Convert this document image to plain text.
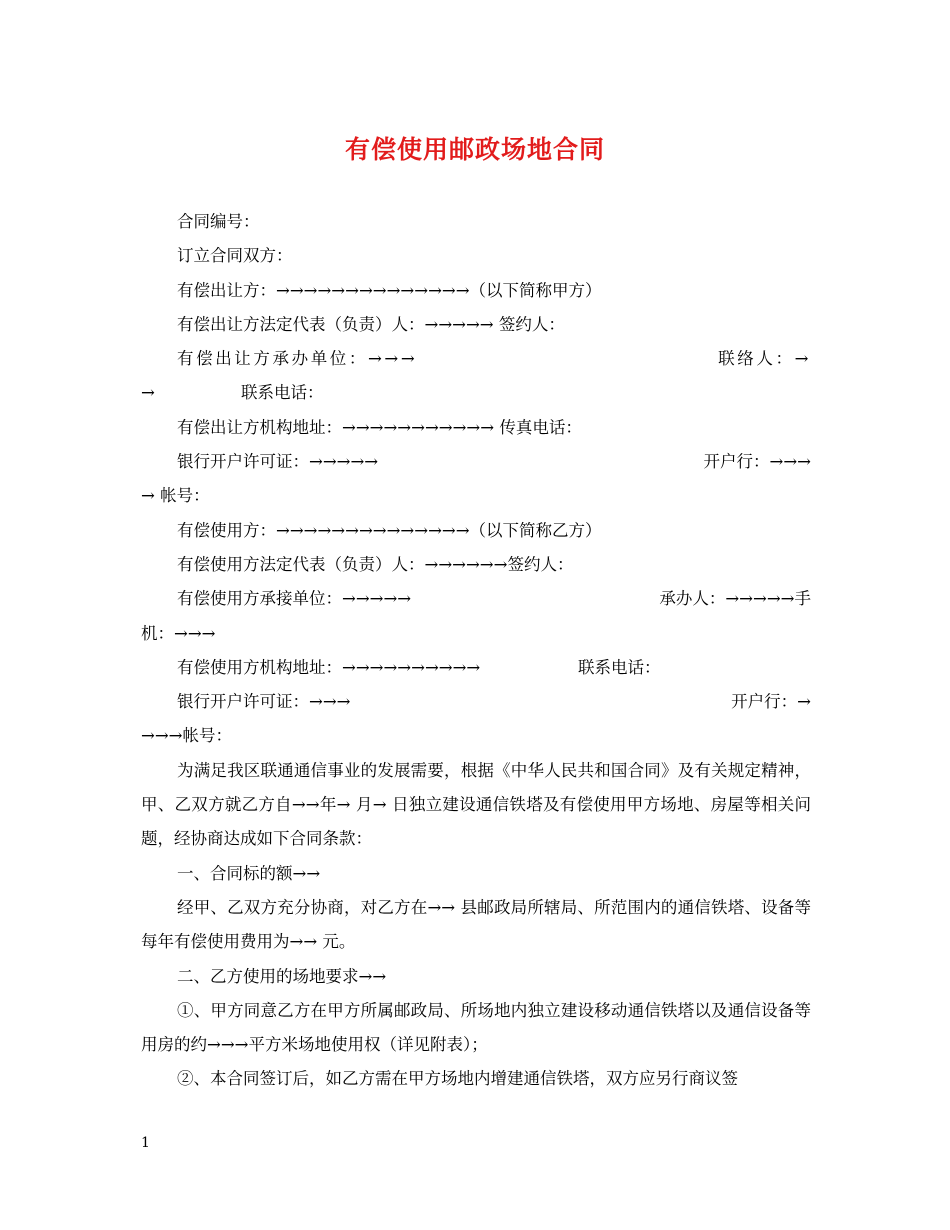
有偿使用邮政场地合同
合同编号：
订立合同双方：
有偿出让方：→→→→→→→→→→→→→→（以下简称甲方）
有偿出让方法定代表（负责）人：→→→→→ 签约人：
有偿出让方承办单位：→→→	联络人：→
→	联系电话：
有偿出让方机构地址：→→→→→→→→→→→ 传真电话：
银行开户许可证：→→→→→	开户行：→→→
→ 帐号：
有偿使用方：→→→→→→→→→→→→→→（以下简称乙方）
有偿使用方法定代表（负责）人：→→→→→→签约人：
有偿使用方承接单位：→→→→→	承办人：→→→→→手
机：→→→
有偿使用方机构地址：→→→→→→→→→→	联系电话：
银行开户许可证：→→→	开户行：→
→→→帐号：
为满足我区联通通信事业的发展需要，根据《中华人民共和国合同》及有关规定精神，甲、乙双方就乙方自→→年→ 月→ 日独立建设通信铁塔及有偿使用甲方场地、房屋等相关问题，经协商达成如下合同条款：
一、合同标的额→→
经甲、乙双方充分协商，对乙方在→→ 县邮政局所辖局、所范围内的通信铁塔、设备等每年有偿使用费用为→→ 元。
二、乙方使用的场地要求→→
①、甲方同意乙方在甲方所属邮政局、所场地内独立建设移动通信铁塔以及通信设备等用房的约→→→平方米场地使用权（详见附表）；
②、本合同签订后，如乙方需在甲方场地内增建通信铁塔，双方应另行商议签
1
